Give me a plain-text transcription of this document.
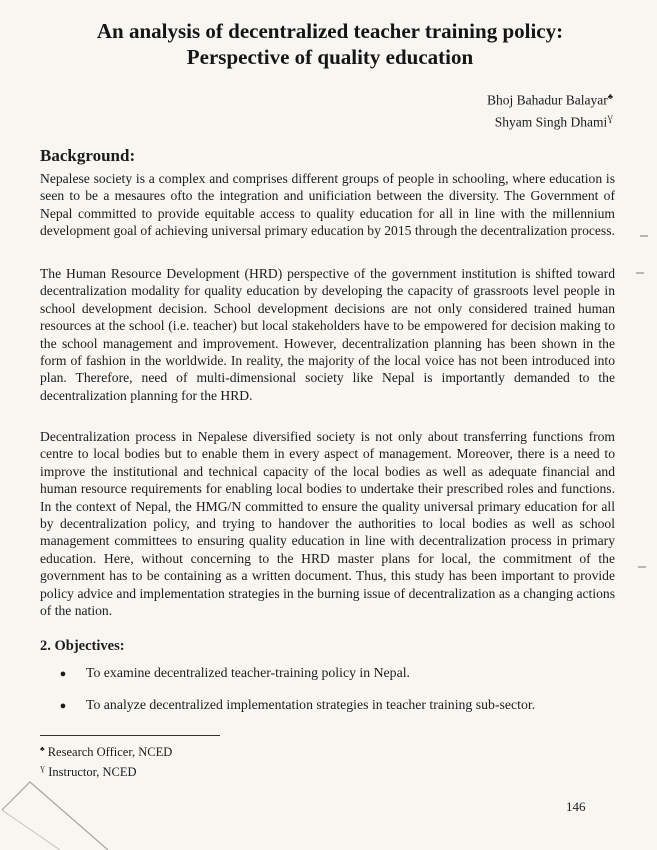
An analysis of decentralized teacher training policy:
Perspective of quality education
Bhoj Bahadur Balayar♣
Shyam Singh Dhami$^Ɣ$
Background:
Nepalese society is a complex and comprises different groups of people in schooling, where education is seen to be a mesaures ofto the integration and unificiation between the diversity. The Government of Nepal committed to provide equitable access to quality education for all in line with the millennium development goal of achieving universal primary education by 2015 through the decentralization process.
The Human Resource Development (HRD) perspective of the government institution is shifted toward decentralization modality for quality education by developing the capacity of grassroots level people in school development decision. School development decisions are not only considered trained human resources at the school (i.e. teacher) but local stakeholders have to be empowered for decision making to the school management and improvement. However, decentralization planning has been shown in the form of fashion in the worldwide. In reality, the majority of the local voice has not been introduced into plan. Therefore, need of multi-dimensional society like Nepal is importantly demanded to the decentralization planning for the HRD.
Decentralization process in Nepalese diversified society is not only about transferring functions from centre to local bodies but to enable them in every aspect of management. Moreover, there is a need to improve the institutional and technical capacity of the local bodies as well as adequate financial and human resource requirements for enabling local bodies to undertake their prescribed roles and functions. In the context of Nepal, the HMG/N committed to ensure the quality universal primary education for all by decentralization policy, and trying to handover the authorities to local bodies as well as school management committees to ensuring quality education in line with decentralization process in primary education. Here, without concerning to the HRD master plans for local, the commitment of the government has to be containing as a written document. Thus, this study has been important to provide policy advice and implementation strategies in the burning issue of decentralization as a changing actions of the nation.
2. Objectives:
●	To examine decentralized teacher-training policy in Nepal.
●	To analyze decentralized implementation strategies in teacher training sub-sector.
♣ Research Officer, NCED
$^Ɣ$ Instructor, NCED
146
